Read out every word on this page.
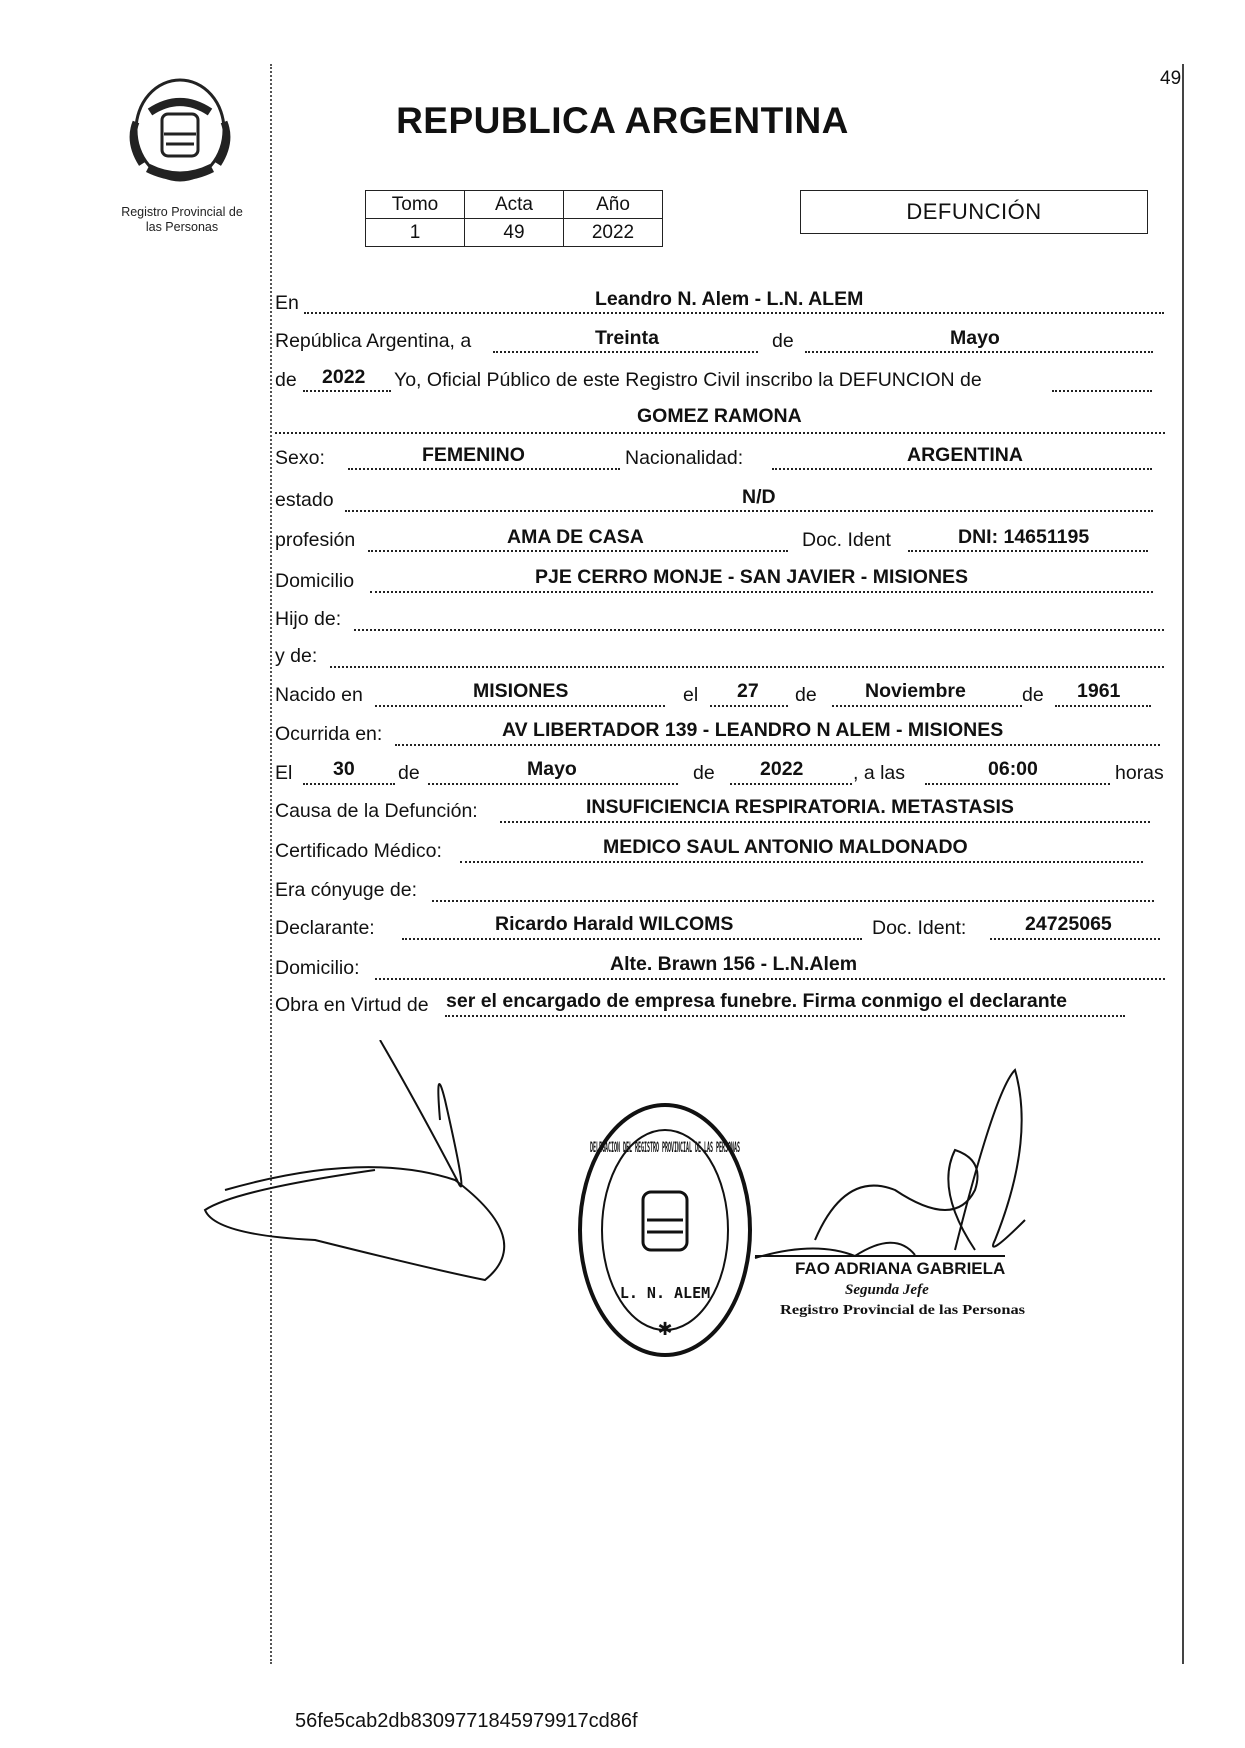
Registro Provincial de
las Personas
49
REPUBLICA ARGENTINA
Tomo	Acta	Año
1	49	2022
DEFUNCIÓN
En	Leandro N. Alem - L.N. ALEM
República Argentina, a	Treinta	de	Mayo
de 2022 Yo, Oficial Público de este Registro Civil inscribo la DEFUNCION de
GOMEZ RAMONA
Sexo:	FEMENINO	Nacionalidad:	ARGENTINA
estado	N/D
profesión	AMA DE CASA	Doc. Ident	DNI: 14651195
Domicilio	PJE CERRO MONJE - SAN JAVIER - MISIONES
Hijo de:
y de:
Nacido en	MISIONES	el 27 de Noviembre	de 1961
Ocurrida en:	AV LIBERTADOR 139 - LEANDRO N ALEM - MISIONES
El 30 de	Mayo	de 2022	, a las	06:00	horas
Causa de la Defunción:	INSUFICIENCIA RESPIRATORIA. METASTASIS
Certificado Médico:	MEDICO SAUL ANTONIO MALDONADO
Era cónyuge de:
Declarante:	Ricardo Harald WILCOMS	Doc. Ident:	24725065
Domicilio:	Alte. Brawn 156 - L.N.Alem
Obra en Virtud de ser el encargado de empresa funebre. Firma conmigo el declarante
DELEGACION DEL REGISTRO PROVINCIAL DE LAS PERSONAS
L. N. ALEM
✱
FAO ADRIANA GABRIELA
Segunda Jefe
Registro Provincial de las Personas
56fe5cab2db8309771845979917cd86f
